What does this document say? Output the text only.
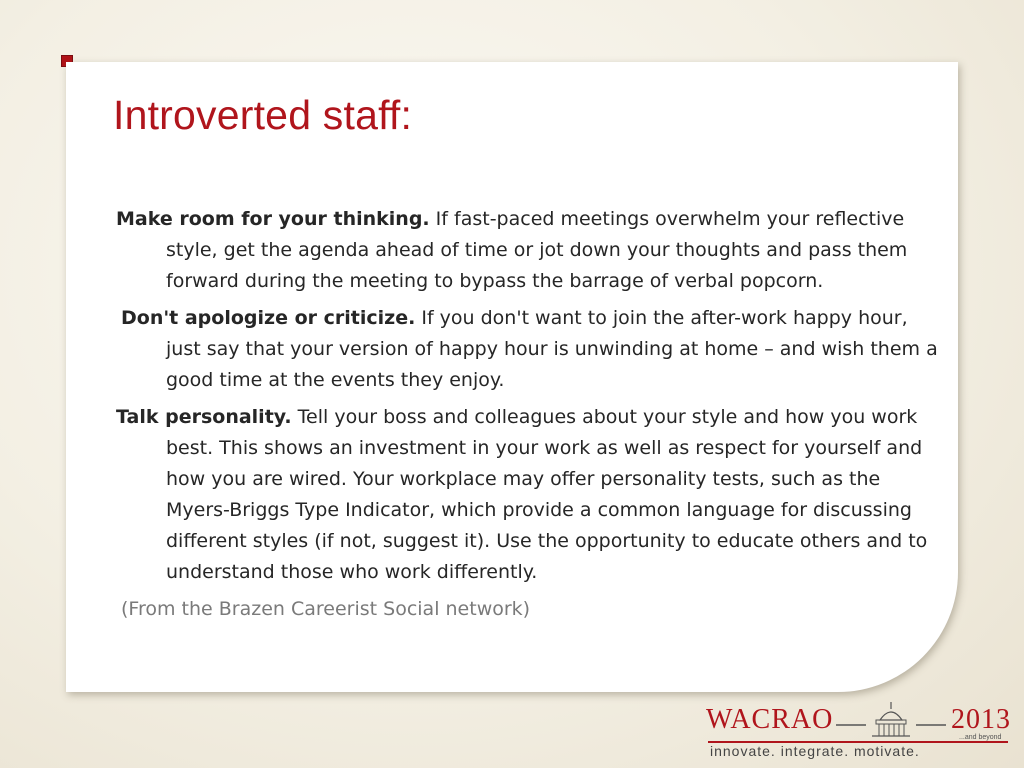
Introverted staff:

Make room for your thinking. If fast-paced meetings overwhelm your reflective style, get the agenda ahead of time or jot down your thoughts and pass them forward during the meeting to bypass the barrage of verbal popcorn.

Don't apologize or criticize. If you don't want to join the after-work happy hour, just say that your version of happy hour is unwinding at home – and wish them a good time at the events they enjoy.

Talk personality. Tell your boss and colleagues about your style and how you work best. This shows an investment in your work as well as respect for yourself and how you are wired. Your workplace may offer personality tests, such as the Myers-Briggs Type Indicator, which provide a common language for discussing different styles (if not, suggest it). Use the opportunity to educate others and to understand those who work differently.

(From the Brazen Careerist Social network)

WACRAO	2013
...and beyond
innovate. integrate. motivate.
